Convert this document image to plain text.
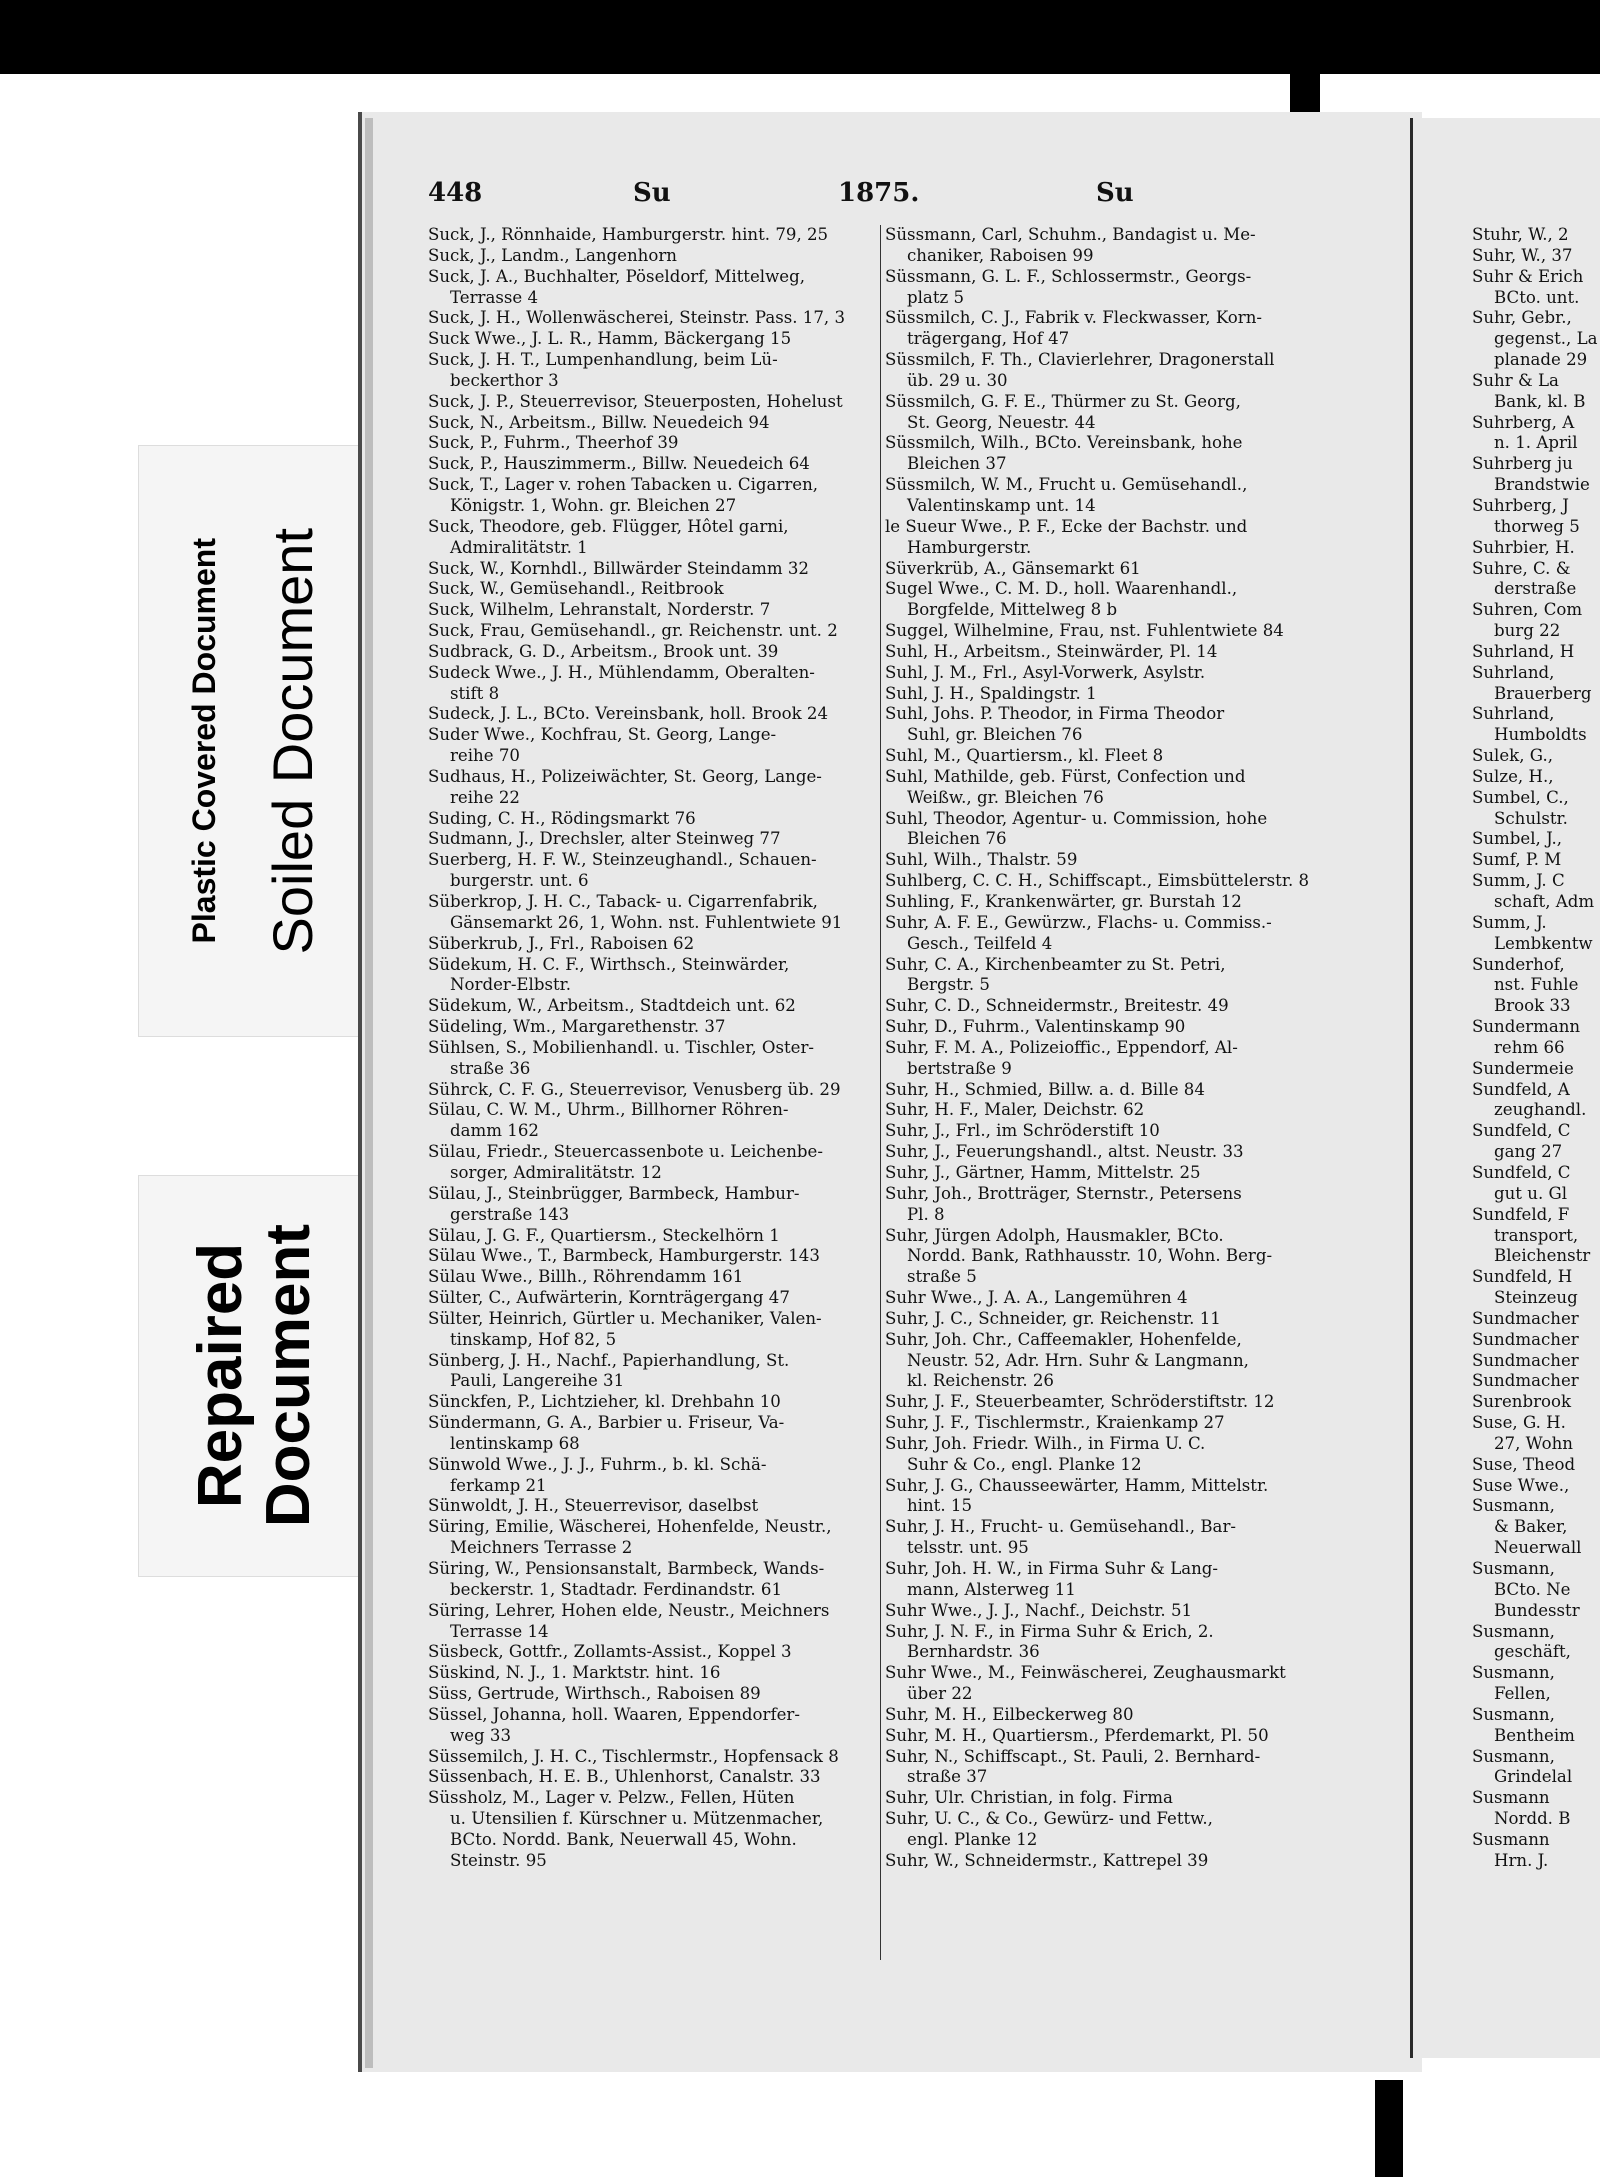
Plastic Covered Document Soiled Document
Repaired
Document
448	Su	1875.	Su
Suck, J., Rönnhaide, Hamburgerstr. hint. 79, 25
Suck, J., Landm., Langenhorn
Suck, J. A., Buchhalter, Pöseldorf, Mittelweg,
Terrasse 4
Suck, J. H., Wollenwäscherei, Steinstr. Pass. 17, 3
Suck Wwe., J. L. R., Hamm, Bäckergang 15
Suck, J. H. T., Lumpenhandlung, beim Lü-
beckerthor 3
Suck, J. P., Steuerrevisor, Steuerposten, Hohelust
Suck, N., Arbeitsm., Billw. Neuedeich 94
Suck, P., Fuhrm., Theerhof 39
Suck, P., Hauszimmerm., Billw. Neuedeich 64
Suck, T., Lager v. rohen Tabacken u. Cigarren,
Königstr. 1, Wohn. gr. Bleichen 27
Suck, Theodore, geb. Flügger, Hôtel garni,
Admiralitätstr. 1
Suck, W., Kornhdl., Billwärder Steindamm 32
Suck, W., Gemüsehandl., Reitbrook
Suck, Wilhelm, Lehranstalt, Norderstr. 7
Suck, Frau, Gemüsehandl., gr. Reichenstr. unt. 2
Sudbrack, G. D., Arbeitsm., Brook unt. 39
Sudeck Wwe., J. H., Mühlendamm, Oberalten-
stift 8
Sudeck, J. L., BCto. Vereinsbank, holl. Brook 24
Suder Wwe., Kochfrau, St. Georg, Lange-
reihe 70
Sudhaus, H., Polizeiwächter, St. Georg, Lange-
reihe 22
Suding, C. H., Rödingsmarkt 76
Sudmann, J., Drechsler, alter Steinweg 77
Suerberg, H. F. W., Steinzeughandl., Schauen-
burgerstr. unt. 6
Süberkrop, J. H. C., Taback- u. Cigarrenfabrik,
Gänsemarkt 26, 1, Wohn. nst. Fuhlentwiete 91
Süberkrub, J., Frl., Raboisen 62
Südekum, H. C. F., Wirthsch., Steinwärder,
Norder-Elbstr.
Südekum, W., Arbeitsm., Stadtdeich unt. 62
Südeling, Wm., Margarethenstr. 37
Sühlsen, S., Mobilienhandl. u. Tischler, Oster-
straße 36
Sührck, C. F. G., Steuerrevisor, Venusberg üb. 29
Sülau, C. W. M., Uhrm., Billhorner Röhren-
damm 162
Sülau, Friedr., Steuercassenbote u. Leichenbe-
sorger, Admiralitätstr. 12
Sülau, J., Steinbrügger, Barmbeck, Hambur-
gerstraße 143
Sülau, J. G. F., Quartiersm., Steckelhörn 1
Sülau Wwe., T., Barmbeck, Hamburgerstr. 143
Sülau Wwe., Billh., Röhrendamm 161
Sülter, C., Aufwärterin, Kornträgergang 47
Sülter, Heinrich, Gürtler u. Mechaniker, Valen-
tinskamp, Hof 82, 5
Sünberg, J. H., Nachf., Papierhandlung, St.
Pauli, Langereihe 31
Sünckfen, P., Lichtzieher, kl. Drehbahn 10
Sündermann, G. A., Barbier u. Friseur, Va-
lentinskamp 68
Sünwold Wwe., J. J., Fuhrm., b. kl. Schä-
ferkamp 21
Sünwoldt, J. H., Steuerrevisor, daselbst
Süring, Emilie, Wäscherei, Hohenfelde, Neustr.,
Meichners Terrasse 2
Süring, W., Pensionsanstalt, Barmbeck, Wands-
beckerstr. 1, Stadtadr. Ferdinandstr. 61
Süring, Lehrer, Hohen elde, Neustr., Meichners
Terrasse 14
Süsbeck, Gottfr., Zollamts-Assist., Koppel 3
Süskind, N. J., 1. Marktstr. hint. 16
Süss, Gertrude, Wirthsch., Raboisen 89
Süssel, Johanna, holl. Waaren, Eppendorfer-
weg 33
Süssemilch, J. H. C., Tischlermstr., Hopfensack 8
Süssenbach, H. E. B., Uhlenhorst, Canalstr. 33
Süssholz, M., Lager v. Pelzw., Fellen, Hüten
u. Utensilien f. Kürschner u. Mützenmacher,
BCto. Nordd. Bank, Neuerwall 45, Wohn.
Steinstr. 95
Süssmann, Carl, Schuhm., Bandagist u. Me-
chaniker, Raboisen 99
Süssmann, G. L. F., Schlossermstr., Georgs-
platz 5
Süssmilch, C. J., Fabrik v. Fleckwasser, Korn-
trägergang, Hof 47
Süssmilch, F. Th., Clavierlehrer, Dragonerstall
üb. 29 u. 30
Süssmilch, G. F. E., Thürmer zu St. Georg,
St. Georg, Neuestr. 44
Süssmilch, Wilh., BCto. Vereinsbank, hohe
Bleichen 37
Süssmilch, W. M., Frucht u. Gemüsehandl.,
Valentinskamp unt. 14
le Sueur Wwe., P. F., Ecke der Bachstr. und
Hamburgerstr.
Süverkrüb, A., Gänsemarkt 61
Sugel Wwe., C. M. D., holl. Waarenhandl.,
Borgfelde, Mittelweg 8 b
Suggel, Wilhelmine, Frau, nst. Fuhlentwiete 84
Suhl, H., Arbeitsm., Steinwärder, Pl. 14
Suhl, J. M., Frl., Asyl-Vorwerk, Asylstr.
Suhl, J. H., Spaldingstr. 1
Suhl, Johs. P. Theodor, in Firma Theodor
Suhl, gr. Bleichen 76
Suhl, M., Quartiersm., kl. Fleet 8
Suhl, Mathilde, geb. Fürst, Confection und
Weißw., gr. Bleichen 76
Suhl, Theodor, Agentur- u. Commission, hohe
Bleichen 76
Suhl, Wilh., Thalstr. 59
Suhlberg, C. C. H., Schiffscapt., Eimsbüttelerstr. 8
Suhling, F., Krankenwärter, gr. Burstah 12
Suhr, A. F. E., Gewürzw., Flachs- u. Commiss.-
Gesch., Teilfeld 4
Suhr, C. A., Kirchenbeamter zu St. Petri,
Bergstr. 5
Suhr, C. D., Schneidermstr., Breitestr. 49
Suhr, D., Fuhrm., Valentinskamp 90
Suhr, F. M. A., Polizeioffic., Eppendorf, Al-
bertstraße 9
Suhr, H., Schmied, Billw. a. d. Bille 84
Suhr, H. F., Maler, Deichstr. 62
Suhr, J., Frl., im Schröderstift 10
Suhr, J., Feuerungshandl., altst. Neustr. 33
Suhr, J., Gärtner, Hamm, Mittelstr. 25
Suhr, Joh., Brotträger, Sternstr., Petersens
Pl. 8
Suhr, Jürgen Adolph, Hausmakler, BCto.
Nordd. Bank, Rathhausstr. 10, Wohn. Berg-
straße 5
Suhr Wwe., J. A. A., Langemühren 4
Suhr, J. C., Schneider, gr. Reichenstr. 11
Suhr, Joh. Chr., Caffeemakler, Hohenfelde,
Neustr. 52, Adr. Hrn. Suhr & Langmann,
kl. Reichenstr. 26
Suhr, J. F., Steuerbeamter, Schröderstiftstr. 12
Suhr, J. F., Tischlermstr., Kraienkamp 27
Suhr, Joh. Friedr. Wilh., in Firma U. C.
Suhr & Co., engl. Planke 12
Suhr, J. G., Chausseewärter, Hamm, Mittelstr.
hint. 15
Suhr, J. H., Frucht- u. Gemüsehandl., Bar-
telsstr. unt. 95
Suhr, Joh. H. W., in Firma Suhr & Lang-
mann, Alsterweg 11
Suhr Wwe., J. J., Nachf., Deichstr. 51
Suhr, J. N. F., in Firma Suhr & Erich, 2.
Bernhardstr. 36
Suhr Wwe., M., Feinwäscherei, Zeughausmarkt
über 22
Suhr, M. H., Eilbeckerweg 80
Suhr, M. H., Quartiersm., Pferdemarkt, Pl. 50
Suhr, N., Schiffscapt., St. Pauli, 2. Bernhard-
straße 37
Suhr, Ulr. Christian, in folg. Firma
Suhr, U. C., & Co., Gewürz- und Fettw.,
engl. Planke 12
Suhr, W., Schneidermstr., Kattrepel 39
Stuhr, W., 2
Suhr, W., 37
Suhr & Erich
BCto. unt.
Suhr, Gebr.,
gegenst., La
planade 29
Suhr & La
Bank, kl. B
Suhrberg, A
n. 1. April
Suhrberg ju
Brandstwie
Suhrberg, J
thorweg 5
Suhrbier, H.
Suhre, C. &
derstraße
Suhren, Com
burg 22
Suhrland, H
Suhrland,
Brauerberg
Suhrland,
Humboldts
Sulek, G.,
Sulze, H.,
Sumbel, C.,
Schulstr.
Sumbel, J.,
Sumf, P. M
Summ, J. C
schaft, Adm
Summ, J.
Lembkentw
Sunderhof,
nst. Fuhle
Brook 33
Sundermann
rehm 66
Sundermeie
Sundfeld, A
zeughandl.
Sundfeld, C
gang 27
Sundfeld, C
gut u. Gl
Sundfeld, F
transport,
Bleichenstr
Sundfeld, H
Steinzeug
Sundmacher
Sundmacher
Sundmacher
Sundmacher
Surenbrook
Suse, G. H.
27, Wohn
Suse, Theod
Suse Wwe.,
Susmann,
& Baker,
Neuerwall
Susmann,
BCto. Ne
Bundesstr
Susmann,
geschäft,
Susmann,
Fellen,
Susmann,
Bentheim
Susmann,
Grindelal
Susmann
Nordd. B
Susmann
Hrn. J.
